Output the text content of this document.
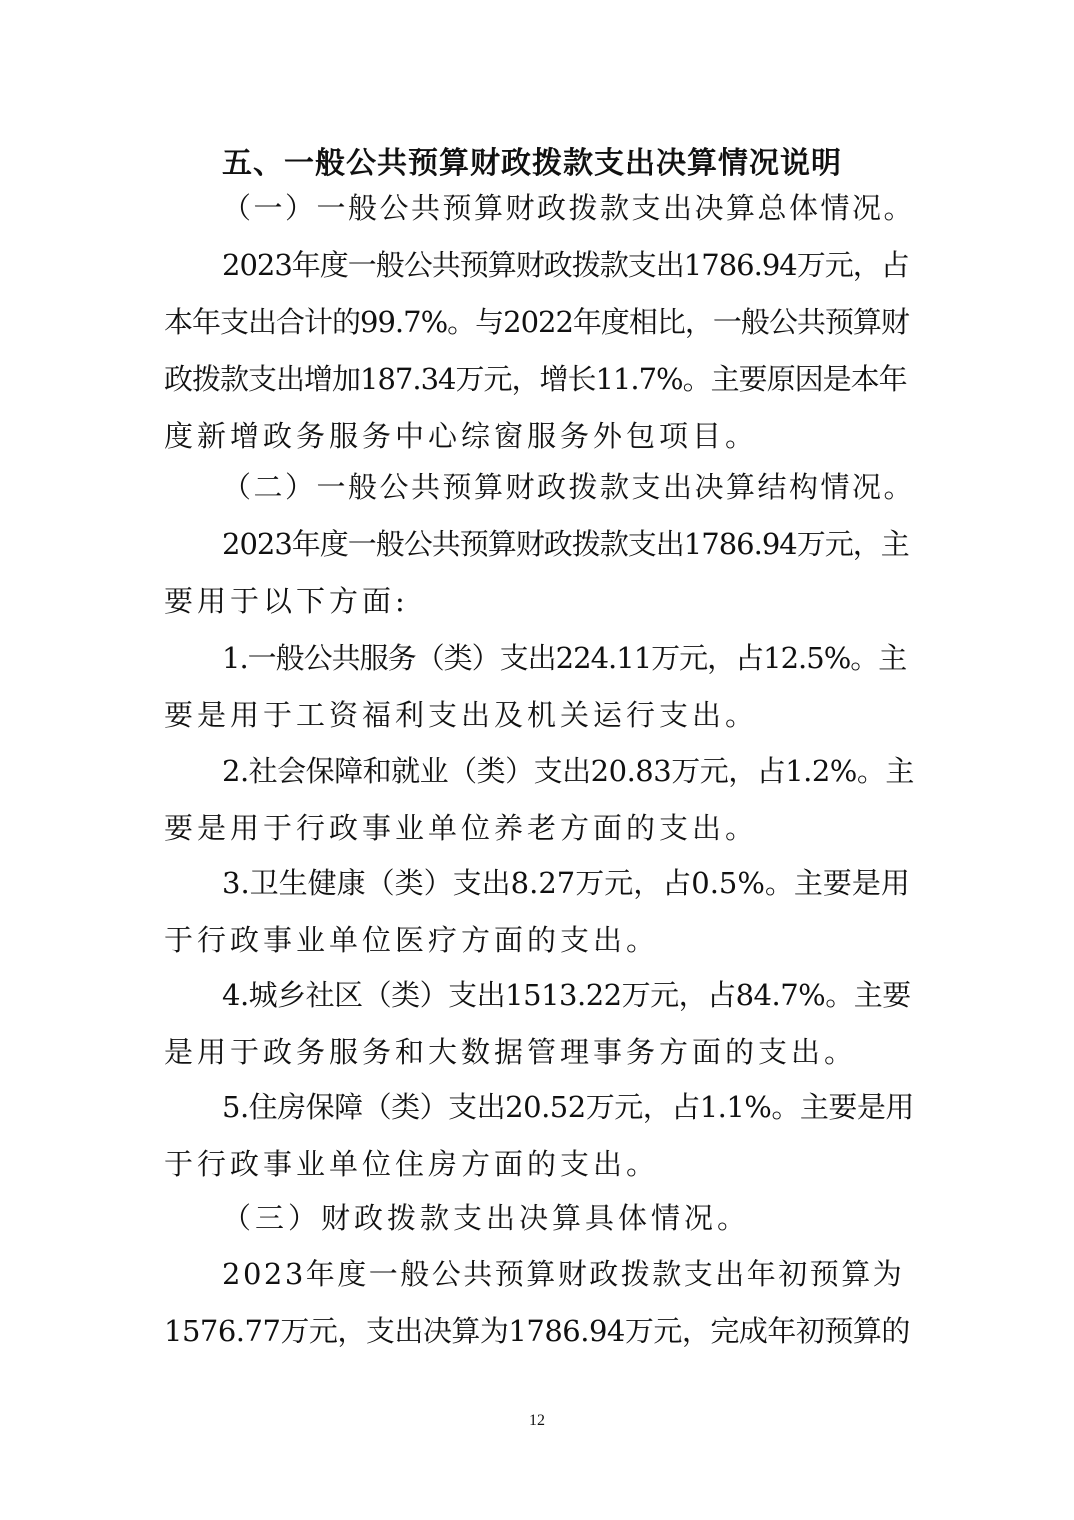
五、一般公共预算财政拨款支出决算情况说明

（一）一般公共预算财政拨款支出决算总体情况。

2023年度一般公共预算财政拨款支出1786.94万元，占
本年支出合计的99.7%。与2022年度相比，一般公共预算财
政拨款支出增加187.34万元，增长11.7%。主要原因是本年
度新增政务服务中心综窗服务外包项目。

（二）一般公共预算财政拨款支出决算结构情况。

2023年度一般公共预算财政拨款支出1786.94万元，主
要用于以下方面:

1.一般公共服务（类）支出224.11万元，占12.5%。主
要是用于工资福利支出及机关运行支出。

2.社会保障和就业（类）支出20.83万元，占1.2%。主
要是用于行政事业单位养老方面的支出。

3.卫生健康（类）支出8.27万元，占0.5%。主要是用
于行政事业单位医疗方面的支出。

4.城乡社区（类）支出1513.22万元，占84.7%。主要
是用于政务服务和大数据管理事务方面的支出。

5.住房保障（类）支出20.52万元，占1.1%。主要是用
于行政事业单位住房方面的支出。

（三）财政拨款支出决算具体情况。

2023年度一般公共预算财政拨款支出年初预算为
1576.77万元，支出决算为1786.94万元，完成年初预算的

12
